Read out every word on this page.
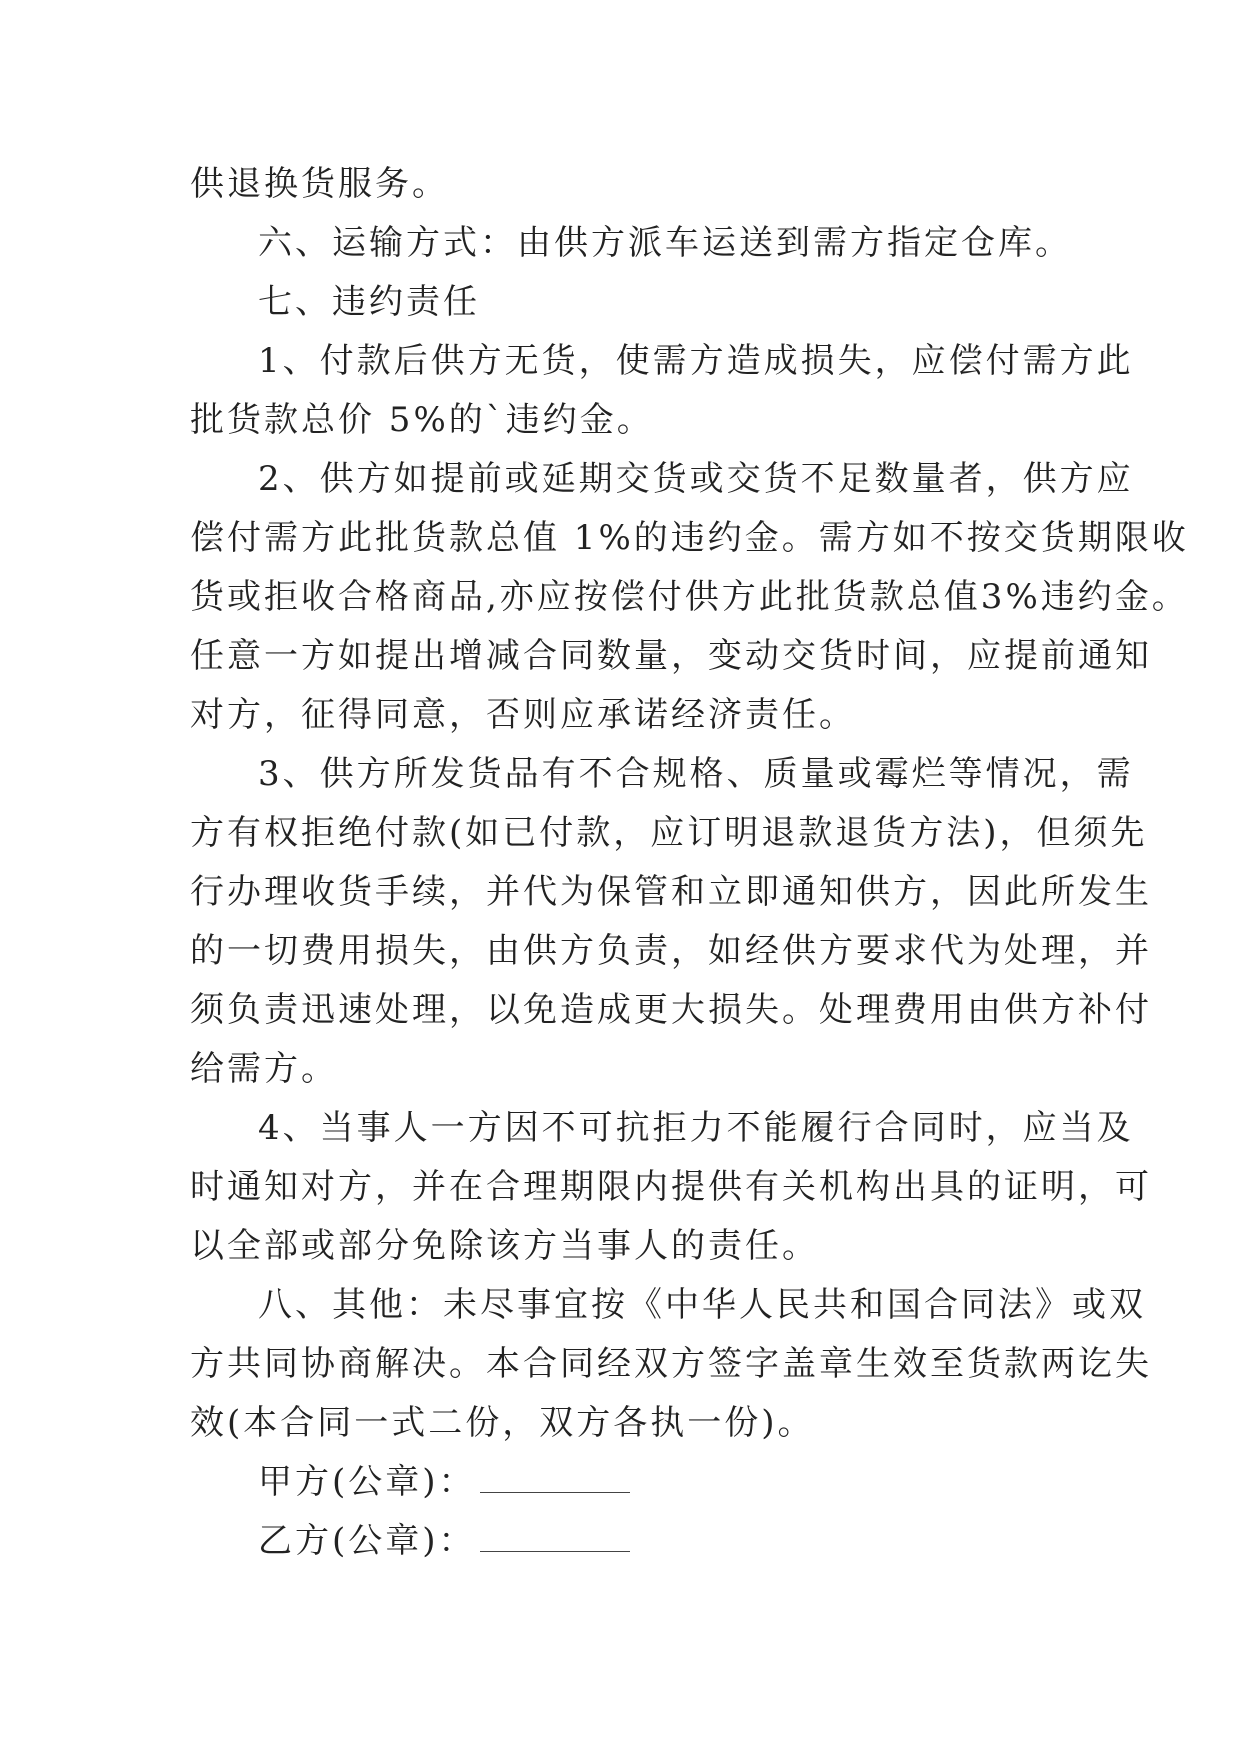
供退换货服务。

六、运输方式：由供方派车运送到需方指定仓库。

七、违约责任

1、付款后供方无货，使需方造成损失，应偿付需方此
批货款总价 5%的`违约金。

2、供方如提前或延期交货或交货不足数量者，供方应
偿付需方此批货款总值 1%的违约金。需方如不按交货期限收
货或拒收合格商品,亦应按偿付供方此批货款总值3%违约金。
任意一方如提出增减合同数量，变动交货时间，应提前通知
对方，征得同意，否则应承诺经济责任。

3、供方所发货品有不合规格、质量或霉烂等情况，需
方有权拒绝付款(如已付款，应订明退款退货方法)，但须先
行办理收货手续，并代为保管和立即通知供方，因此所发生
的一切费用损失，由供方负责，如经供方要求代为处理，并
须负责迅速处理，以免造成更大损失。处理费用由供方补付
给需方。

4、当事人一方因不可抗拒力不能履行合同时，应当及
时通知对方，并在合理期限内提供有关机构出具的证明，可
以全部或部分免除该方当事人的责任。

八、其他：未尽事宜按《中华人民共和国合同法》或双
方共同协商解决。本合同经双方签字盖章生效至货款两讫失
效(本合同一式二份，双方各执一份)。

甲方(公章)：

乙方(公章)：
